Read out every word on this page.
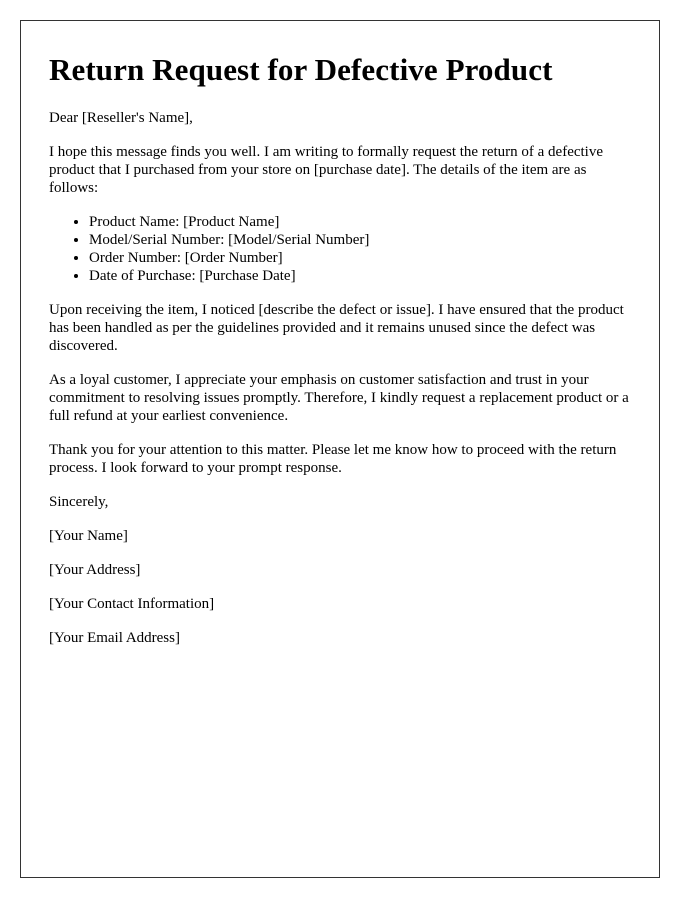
Return Request for Defective Product

Dear [Reseller's Name],

I hope this message finds you well. I am writing to formally request the return of a defective product that I purchased from your store on [purchase date]. The details of the item are as follows:

• Product Name: [Product Name]
• Model/Serial Number: [Model/Serial Number]
• Order Number: [Order Number]
• Date of Purchase: [Purchase Date]

Upon receiving the item, I noticed [describe the defect or issue]. I have ensured that the product has been handled as per the guidelines provided and it remains unused since the defect was discovered.

As a loyal customer, I appreciate your emphasis on customer satisfaction and trust in your commitment to resolving issues promptly. Therefore, I kindly request a replacement product or a full refund at your earliest convenience.

Thank you for your attention to this matter. Please let me know how to proceed with the return process. I look forward to your prompt response.

Sincerely,

[Your Name]

[Your Address]

[Your Contact Information]

[Your Email Address]
